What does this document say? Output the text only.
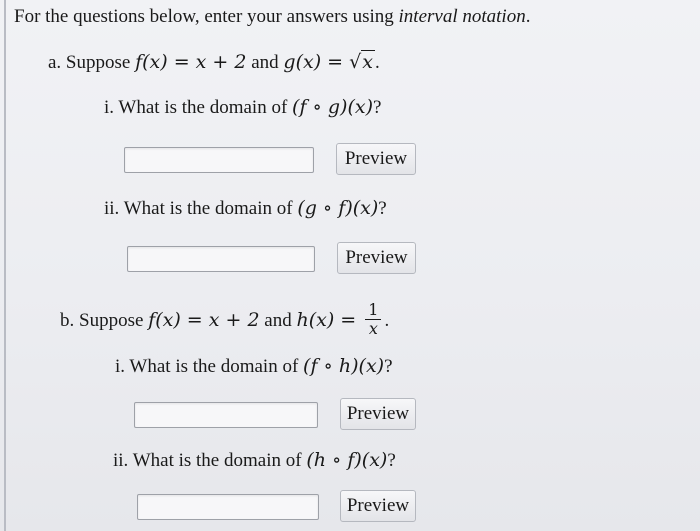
For the questions below, enter your answers using interval notation.
a. Suppose f(x) = x + 2 and g(x) = √x .
i. What is the domain of (f ∘ g)(x)?
Preview
ii. What is the domain of (g ∘ f)(x)?
Preview
b. Suppose f(x) = x + 2 and $h(x) = \frac{1}{x}$ .
i. What is the domain of (f ∘ h)(x)?
Preview
ii. What is the domain of (h ∘ f)(x)?
Preview
